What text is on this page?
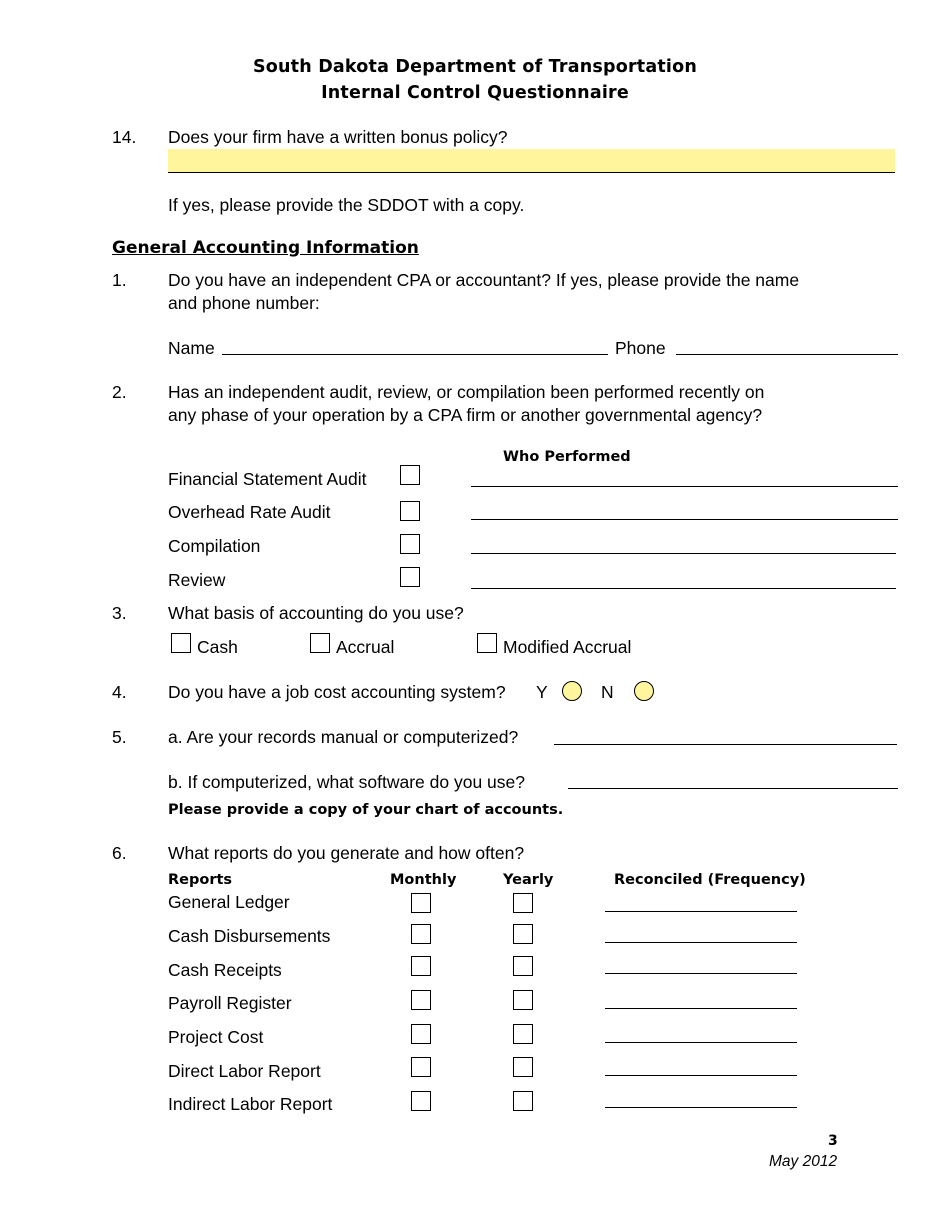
South Dakota Department of Transportation
Internal Control Questionnaire
14. Does your firm have a written bonus policy?
If yes, please provide the SDDOT with a copy.
General Accounting Information
1. Do you have an independent CPA or accountant? If yes, please provide the name
and phone number:
Name	Phone
2. Has an independent audit, review, or compilation been performed recently on
any phase of your operation by a CPA firm or another governmental agency?
Who Performed
Financial Statement Audit
Overhead Rate Audit
Compilation
Review
3. What basis of accounting do you use?
Cash	Accrual	Modified Accrual
4. Do you have a job cost accounting system? Y	N
5. a. Are your records manual or computerized?
b. If computerized, what software do you use?
Please provide a copy of your chart of accounts.
6. What reports do you generate and how often?
Reports	Monthly	Yearly	Reconciled (Frequency)
General Ledger
Cash Disbursements
Cash Receipts
Payroll Register
Project Cost
Direct Labor Report
Indirect Labor Report
3
May 2012
